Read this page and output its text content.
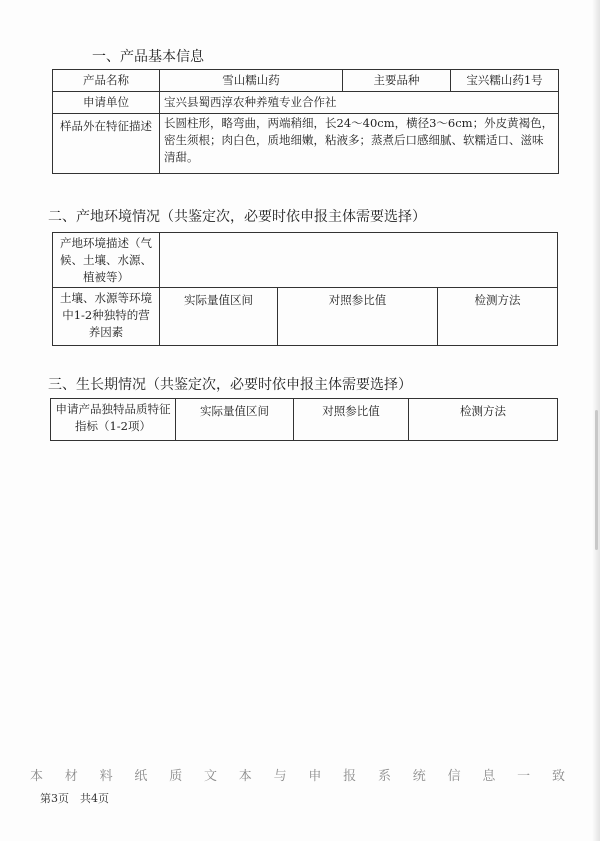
一、产品基本信息
产品名称	雪山糯山药	主要品种	宝兴糯山药1号
申请单位	宝兴县蜀西淳农种养殖专业合作社		
样品外在特征描述	长圆柱形，略弯曲，两端稍细，长24～40cm，横径3～6cm；外皮黄褐色，密生须根；肉白色，质地细嫩，粘液多；蒸煮后口感细腻、软糯适口、滋味清甜。		
二、产地环境情况（共鉴定次，必要时依申报主体需要选择）
产地环境描述（气候、土壤、水源、植被等）			
土壤、水源等环境中1-2种独特的营养因素	实际量值区间	对照参比值	检测方法
三、生长期情况（共鉴定次，必要时依申报主体需要选择）
申请产品独特品质特征指标（1-2项）	实际量值区间	对照参比值	检测方法
本 材 料 纸 质 文 本 与 申 报 系 统 信 息 一 致
第3页　共4页
